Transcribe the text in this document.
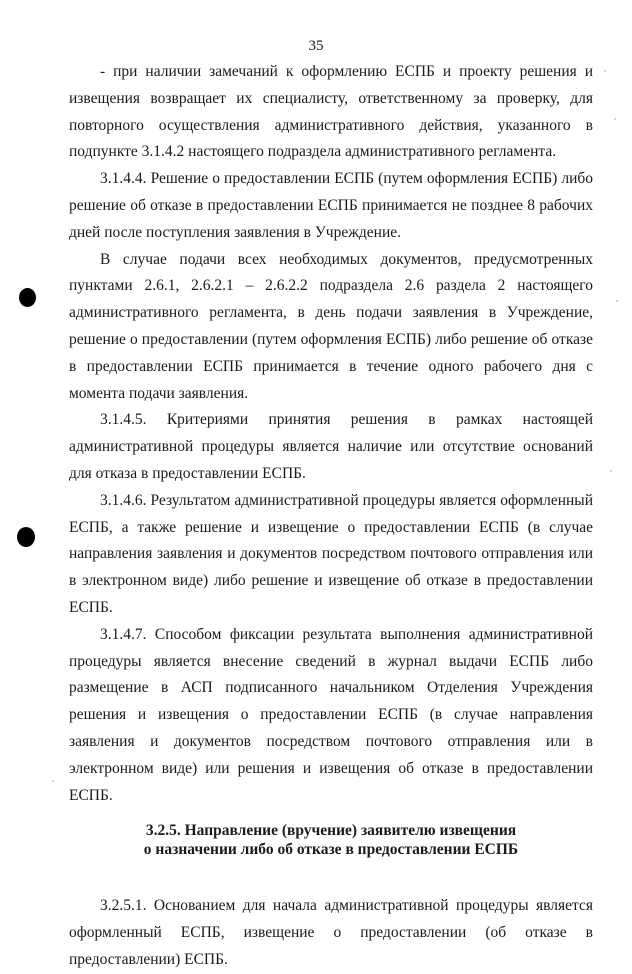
35

- при наличии замечаний к оформлению ЕСПБ и проекту решения и извещения возвращает их специалисту, ответственному за проверку, для повторного осуществления административного действия, указанного в подпункте 3.1.4.2 настоящего подраздела административного регламента.

3.1.4.4. Решение о предоставлении ЕСПБ (путем оформления ЕСПБ) либо решение об отказе в предоставлении ЕСПБ принимается не позднее 8 рабочих дней после поступления заявления в Учреждение.

В случае подачи всех необходимых документов, предусмотренных пунктами 2.6.1, 2.6.2.1 – 2.6.2.2 подраздела 2.6 раздела 2 настоящего административного регламента, в день подачи заявления в Учреждение, решение о предоставлении (путем оформления ЕСПБ) либо решение об отказе в предоставлении ЕСПБ принимается в течение одного рабочего дня с момента подачи заявления.

3.1.4.5. Критериями принятия решения в рамках настоящей административной процедуры является наличие или отсутствие оснований для отказа в предоставлении ЕСПБ.

3.1.4.6. Результатом административной процедуры является оформленный ЕСПБ, а также решение и извещение о предоставлении ЕСПБ (в случае направления заявления и документов посредством почтового отправления или в электронном виде) либо решение и извещение об отказе в предоставлении ЕСПБ.

3.1.4.7. Способом фиксации результата выполнения административной процедуры является внесение сведений в журнал выдачи ЕСПБ либо размещение в АСП подписанного начальником Отделения Учреждения решения и извещения о предоставлении ЕСПБ (в случае направления заявления и документов посредством почтового отправления или в электронном виде) или решения и извещения об отказе в предоставлении ЕСПБ.

3.2.5. Направление (вручение) заявителю извещения
о назначении либо об отказе в предоставлении ЕСПБ

3.2.5.1. Основанием для начала административной процедуры является оформленный ЕСПБ, извещение о предоставлении (об отказе в предоставлении) ЕСПБ.
